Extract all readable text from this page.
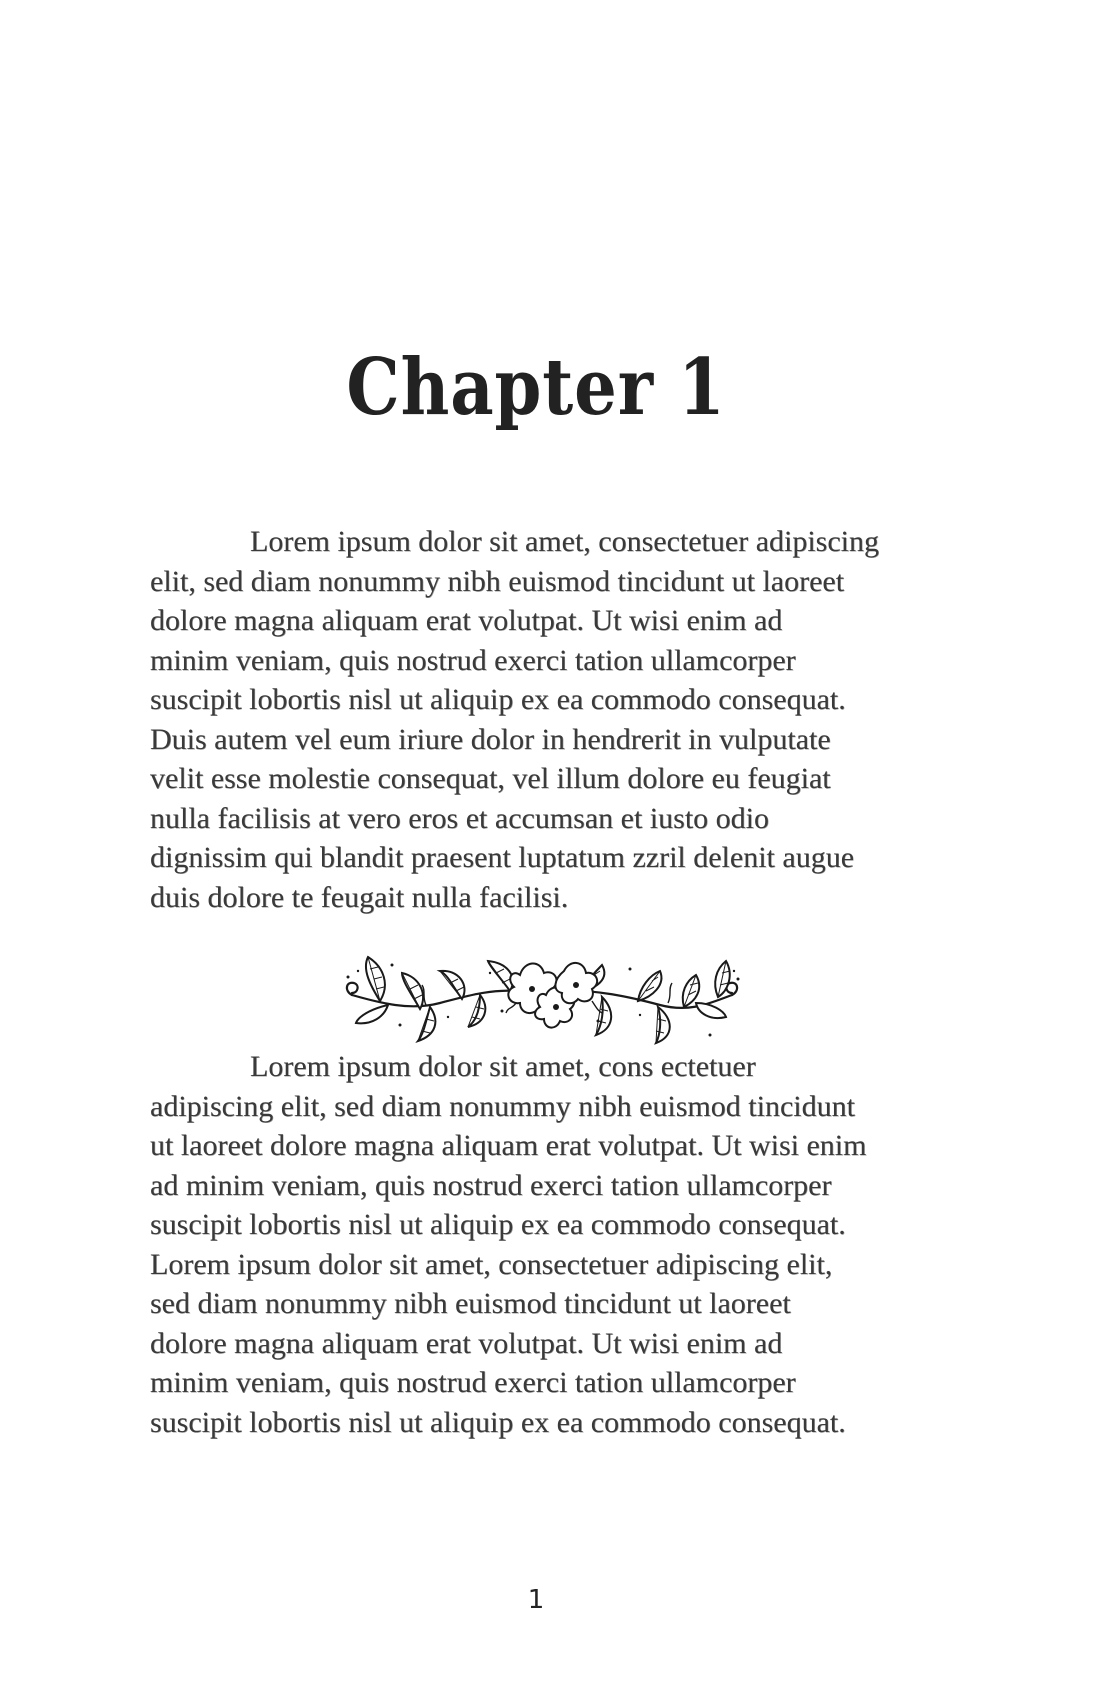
Chapter 1

Lorem ipsum dolor sit amet, consectetuer adipiscing
elit, sed diam nonummy nibh euismod tincidunt ut laoreet
dolore magna aliquam erat volutpat. Ut wisi enim ad
minim veniam, quis nostrud exerci tation ullamcorper
suscipit lobortis nisl ut aliquip ex ea commodo consequat.
Duis autem vel eum iriure dolor in hendrerit in vulputate
velit esse molestie consequat, vel illum dolore eu feugiat
nulla facilisis at vero eros et accumsan et iusto odio
dignissim qui blandit praesent luptatum zzril delenit augue
duis dolore te feugait nulla facilisi.

Lorem ipsum dolor sit amet, cons ectetuer
adipiscing elit, sed diam nonummy nibh euismod tincidunt
ut laoreet dolore magna aliquam erat volutpat. Ut wisi enim
ad minim veniam, quis nostrud exerci tation ullamcorper
suscipit lobortis nisl ut aliquip ex ea commodo consequat.
Lorem ipsum dolor sit amet, consectetuer adipiscing elit,
sed diam nonummy nibh euismod tincidunt ut laoreet
dolore magna aliquam erat volutpat. Ut wisi enim ad
minim veniam, quis nostrud exerci tation ullamcorper
suscipit lobortis nisl ut aliquip ex ea commodo consequat.

1
